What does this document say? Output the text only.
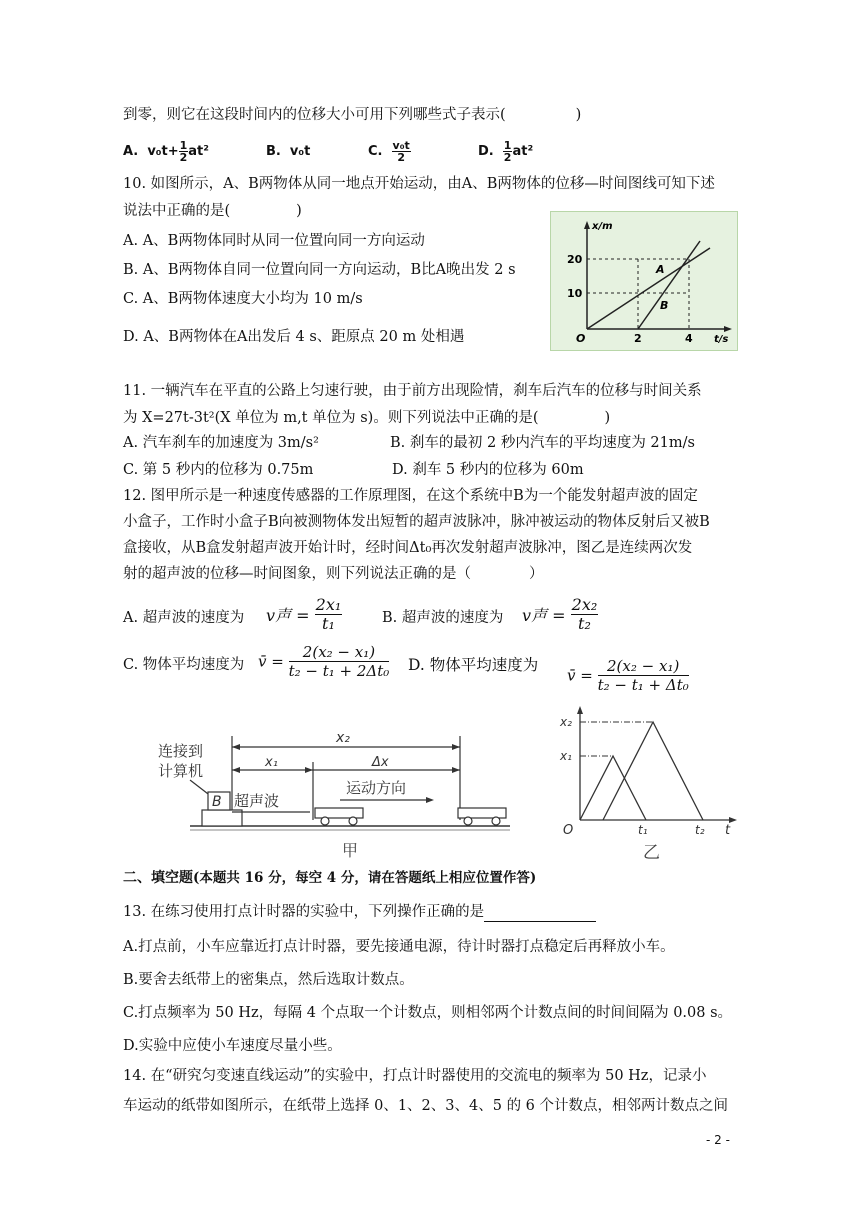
到零，则它在这段时间内的位移大小可用下列哪些式子表示(	)
A. $v_0t+ \frac{1}{2} at^2$	B. v₀t	C. $\frac{\text{v₀t}}{2}$	D. $\frac{1}{2} at^2$
10. 如图所示，A、B两物体从同一地点开始运动，由A、B两物体的位移—时间图线可知下述
说法中正确的是(	)
A. A、B两物体同时从同一位置向同一方向运动
B. A、B两物体自同一位置向同一方向运动，B比A晚出发 2 s
C. A、B两物体速度大小均为 10 m/s
D. A、B两物体在A出发后 4 s、距原点 20 m 处相遇
x/m
t/s
O
20
10
2	4
A
B
11. 一辆汽车在平直的公路上匀速行驶，由于前方出现险情，刹车后汽车的位移与时间关系
为 X=27t-3t²(X 单位为 m,t 单位为 s)。则下列说法中正确的是(	)
A. 汽车刹车的加速度为 3m/s²	B. 刹车的最初 2 秒内汽车的平均速度为 21m/s
C. 第 5 秒内的位移为 0.75m	D. 刹车 5 秒内的位移为 60m
12. 图甲所示是一种速度传感器的工作原理图，在这个系统中B为一个能发射超声波的固定
小盒子，工作时小盒子B向被测物体发出短暂的超声波脉冲，脉冲被运动的物体反射后又被B
盒接收，从B盒发射超声波开始计时，经时间Δt₀再次发射超声波脉冲，图乙是连续两次发
射的超声波的位移—时间图象，则下列说法正确的是（	）
A. 超声波的速度为 v声 = $\frac{\text{2x₁}}{\text{t₁}}$	B. 超声波的速度为 v声 = $\frac{\text{2x₂}}{\text{t₂}}$
C. 物体平均速度为 v̄ = $\frac{\text{2(x₂ − x₁)}}{\text{t₂ − t₁ + 2Δt₀}} D$. 物体平均速度为
v̄ = $\frac{\text{2(x₂ − x₁)}}{\text{t₂ − t₁ + Δt₀}}$
连接到
计算机
x₂
x₁	Δx
B 超声波
运动方向
甲
x₂
x₁
O	t₁	t₂ t
乙
二、填空题(本题共 16 分，每空 4 分，请在答题纸上相应位置作答)
13. 在练习使用打点计时器的实验中，下列操作正确的是
A.打点前，小车应靠近打点计时器，要先接通电源，待计时器打点稳定后再释放小车。
B.要舍去纸带上的密集点，然后选取计数点。
C.打点频率为 50 Hz，每隔 4 个点取一个计数点，则相邻两个计数点间的时间间隔为 0.08 s。
D.实验中应使小车速度尽量小些。
14. 在“研究匀变速直线运动”的实验中，打点计时器使用的交流电的频率为 50 Hz，记录小
车运动的纸带如图所示，在纸带上选择 0、1、2、3、4、5 的 6 个计数点，相邻两计数点之间
- 2 -
